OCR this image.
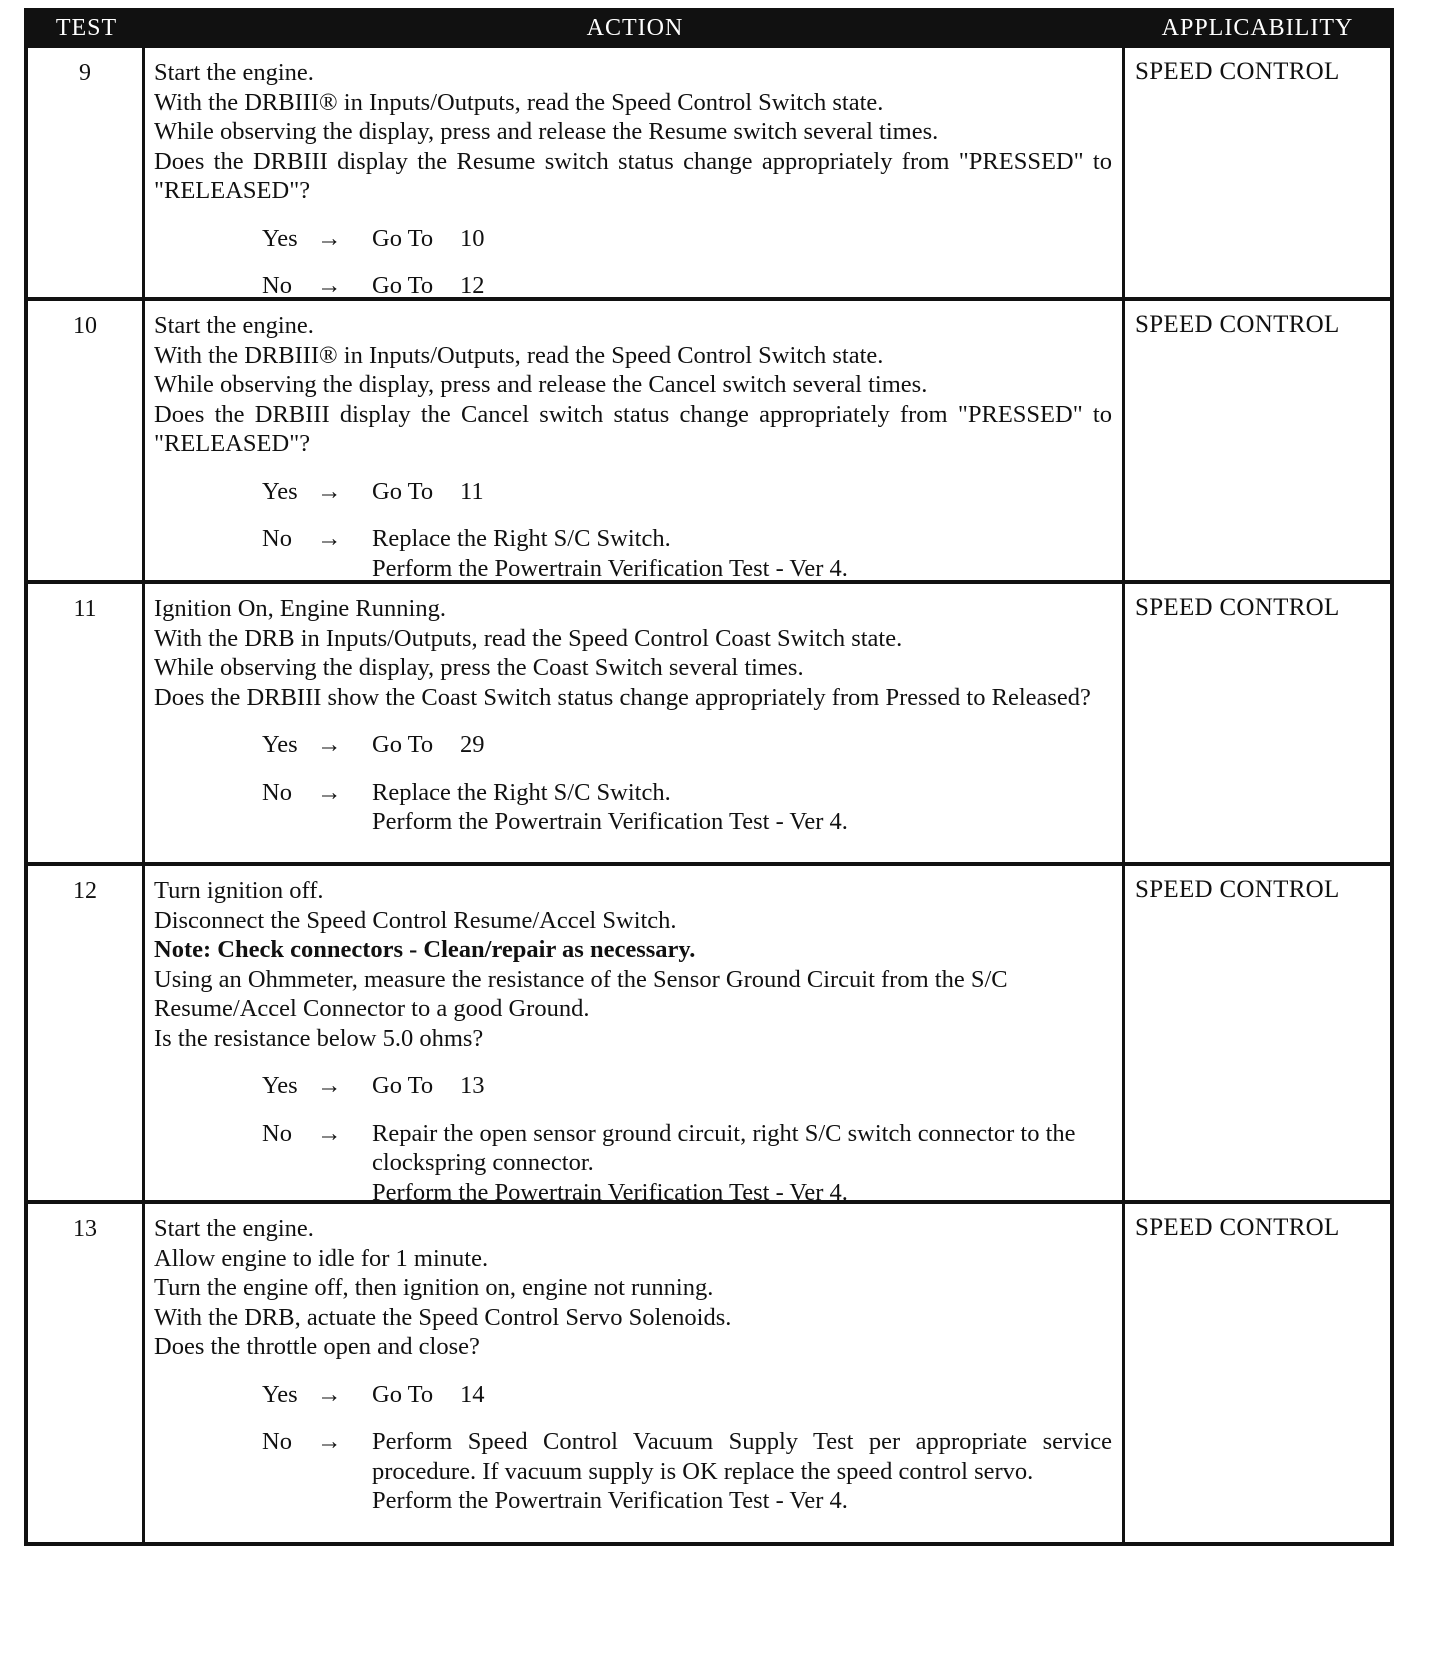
TEST	ACTION	APPLICABILITY
9	Start the engine.
With the DRBIII® in Inputs/Outputs, read the Speed Control Switch state.
While observing the display, press and release the Resume switch several times.
Does the DRBIII display the Resume switch status change appropriately from "PRESSED" to "RELEASED"?
Yes →	Go To 10
No	→	Go To 12
SPEED CONTROL
10	Start the engine.
With the DRBIII® in Inputs/Outputs, read the Speed Control Switch state.
While observing the display, press and release the Cancel switch several times.
Does the DRBIII display the Cancel switch status change appropriately from "PRESSED" to "RELEASED"?
Yes →	Go To 11
No	→	Replace the Right S/C Switch.
Perform the Powertrain Verification Test - Ver 4.
SPEED CONTROL
11	Ignition On, Engine Running.
With the DRB in Inputs/Outputs, read the Speed Control Coast Switch state.
While observing the display, press the Coast Switch several times.
Does the DRBIII show the Coast Switch status change appropriately from Pressed to Released?
Yes →	Go To 29
No	→	Replace the Right S/C Switch.
Perform the Powertrain Verification Test - Ver 4.
SPEED CONTROL
12	Turn ignition off.
Disconnect the Speed Control Resume/Accel Switch.
Note: Check connectors - Clean/repair as necessary.
Using an Ohmmeter, measure the resistance of the Sensor Ground Circuit from the S/C Resume/Accel Connector to a good Ground.
Is the resistance below 5.0 ohms?
Yes →	Go To 13
No	→	Repair the open sensor ground circuit, right S/C switch connector to the clockspring connector.
Perform the Powertrain Verification Test - Ver 4.
SPEED CONTROL
13	Start the engine.
Allow engine to idle for 1 minute.
Turn the engine off, then ignition on, engine not running.
With the DRB, actuate the Speed Control Servo Solenoids.
Does the throttle open and close?
Yes →	Go To 14
No	→	Perform Speed Control Vacuum Supply Test per appropriate service procedure. If vacuum supply is OK replace the speed control servo.
Perform the Powertrain Verification Test - Ver 4.
SPEED CONTROL
